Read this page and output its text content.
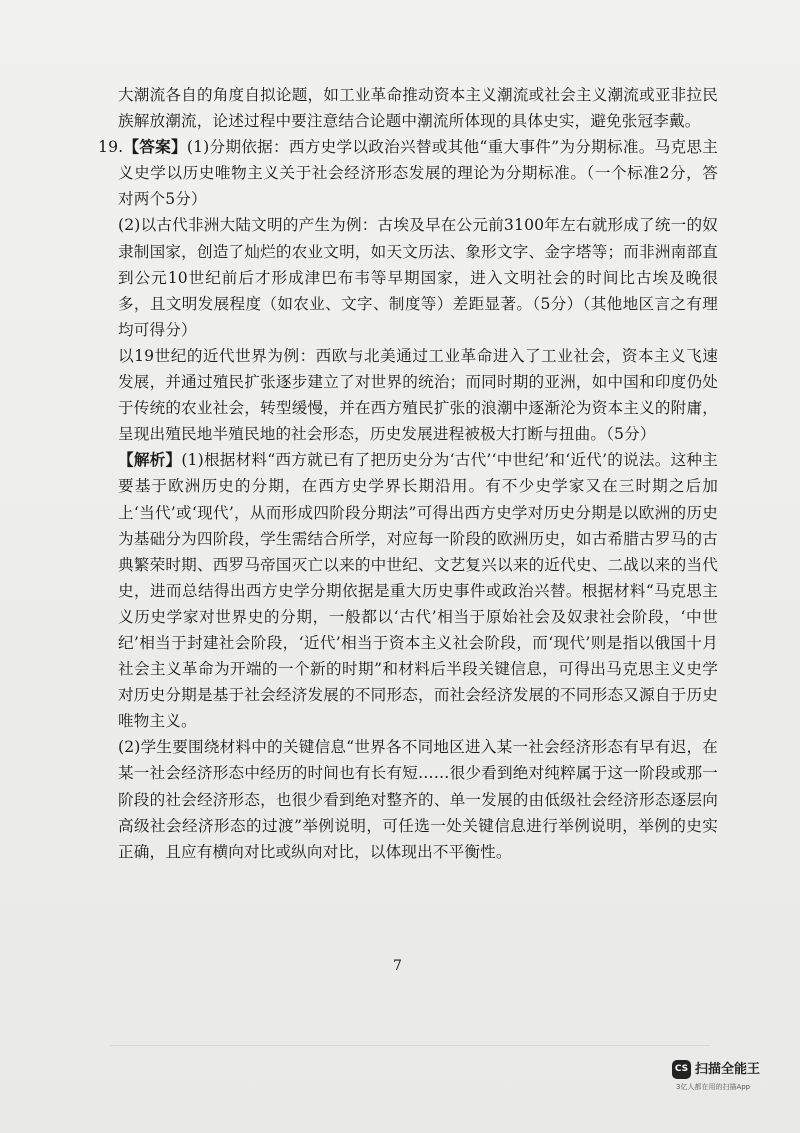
大潮流各自的角度自拟论题，如工业革命推动资本主义潮流或社会主义潮流或亚非拉民族解放潮流，论述过程中要注意结合论题中潮流所体现的具体史实，避免张冠李戴。

19.【答案】(1)分期依据：西方史学以政治兴替或其他“重大事件”为分期标准。马克思主义史学以历史唯物主义关于社会经济形态发展的理论为分期标准。（一个标准2分，答对两个5分）

(2)以古代非洲大陆文明的产生为例：古埃及早在公元前3100年左右就形成了统一的奴隶制国家，创造了灿烂的农业文明，如天文历法、象形文字、金字塔等；而非洲南部直到公元10世纪前后才形成津巴布韦等早期国家，进入文明社会的时间比古埃及晚很多，且文明发展程度（如农业、文字、制度等）差距显著。（5分）（其他地区言之有理均可得分）

以19世纪的近代世界为例：西欧与北美通过工业革命进入了工业社会，资本主义飞速发展，并通过殖民扩张逐步建立了对世界的统治；而同时期的亚洲，如中国和印度仍处于传统的农业社会，转型缓慢，并在西方殖民扩张的浪潮中逐渐沦为资本主义的附庸，呈现出殖民地半殖民地的社会形态，历史发展进程被极大打断与扭曲。（5分）

【解析】(1)根据材料“西方就已有了把历史分为‘古代’‘中世纪’和‘近代’的说法。这种主要基于欧洲历史的分期，在西方史学界长期沿用。有不少史学家又在三时期之后加上‘当代’或‘现代’，从而形成四阶段分期法”可得出西方史学对历史分期是以欧洲的历史为基础分为四阶段，学生需结合所学，对应每一阶段的欧洲历史，如古希腊古罗马的古典繁荣时期、西罗马帝国灭亡以来的中世纪、文艺复兴以来的近代史、二战以来的当代史，进而总结得出西方史学分期依据是重大历史事件或政治兴替。根据材料“马克思主义历史学家对世界史的分期，一般都以‘古代’相当于原始社会及奴隶社会阶段，‘中世纪’相当于封建社会阶段，‘近代’相当于资本主义社会阶段，而‘现代’则是指以俄国十月社会主义革命为开端的一个新的时期”和材料后半段关键信息，可得出马克思主义史学对历史分期是基于社会经济发展的不同形态，而社会经济发展的不同形态又源自于历史唯物主义。

(2)学生要围绕材料中的关键信息“世界各不同地区进入某一社会经济形态有早有迟，在某一社会经济形态中经历的时间也有长有短……很少看到绝对纯粹属于这一阶段或那一阶段的社会经济形态，也很少看到绝对整齐的、单一发展的由低级社会经济形态逐层向高级社会经济形态的过渡”举例说明，可任选一处关键信息进行举例说明，举例的史实正确，且应有横向对比或纵向对比，以体现出不平衡性。

7
CS 扫描全能王
3亿人都在用的扫描App
